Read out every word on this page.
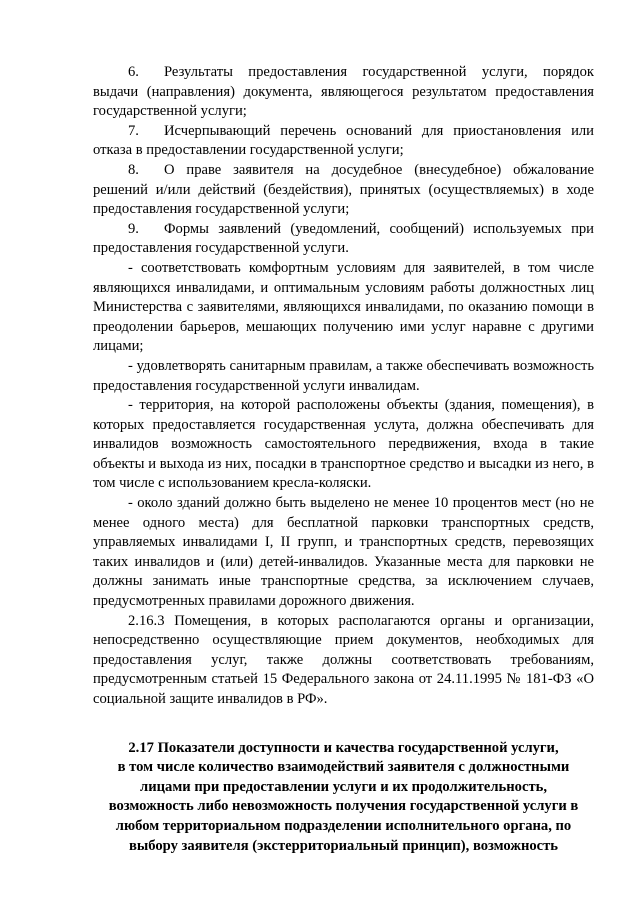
6. Результаты предоставления государственной услуги, порядок выдачи (направления) документа, являющегося результатом предоставления государственной услуги;

7. Исчерпывающий перечень оснований для приостановления или отказа в предоставлении государственной услуги;

8. О праве заявителя на досудебное (внесудебное) обжалование решений и/или действий (бездействия), принятых (осуществляемых) в ходе предоставления государственной услуги;

9. Формы заявлений (уведомлений, сообщений) используемых при предоставления государственной услуги.

- соответствовать комфортным условиям для заявителей, в том числе являющихся инвалидами, и оптимальным условиям работы должностных лиц Министерства с заявителями, являющихся инвалидами, по оказанию помощи в преодолении барьеров, мешающих получению ими услуг наравне с другими лицами;

- удовлетворять санитарным правилам, а также обеспечивать возможность предоставления государственной услуги инвалидам.

- территория, на которой расположены объекты (здания, помещения), в которых предоставляется государственная услута, должна обеспечивать для инвалидов возможность самостоятельного передвижения, входа в такие объекты и выхода из них, посадки в транспортное средство и высадки из него, в том числе с использованием кресла-коляски.

- около зданий должно быть выделено не менее 10 процентов мест (но не менее одного места) для бесплатной парковки транспортных средств, управляемых инвалидами I, II групп, и транспортных средств, перевозящих таких инвалидов и (или) детей-инвалидов. Указанные места для парковки не должны занимать иные транспортные средства, за исключением случаев, предусмотренных правилами дорожного движения.

2.16.3 Помещения, в которых располагаются органы и организации, непосредственно осуществляющие прием документов, необходимых для предоставления услуг, также должны соответствовать требованиям, предусмотренным статьей 15 Федерального закона от 24.11.1995 № 181-ФЗ «О социальной защите инвалидов в РФ».

2.17 Показатели доступности и качества государственной услуги,
в том числе количество взаимодействий заявителя с должностными
лицами при предоставлении услуги и их продолжительность,
возможность либо невозможность получения государственной услуги в
любом территориальном подразделении исполнительного органа, по
выбору заявителя (экстерриториальный принцип), возможность
